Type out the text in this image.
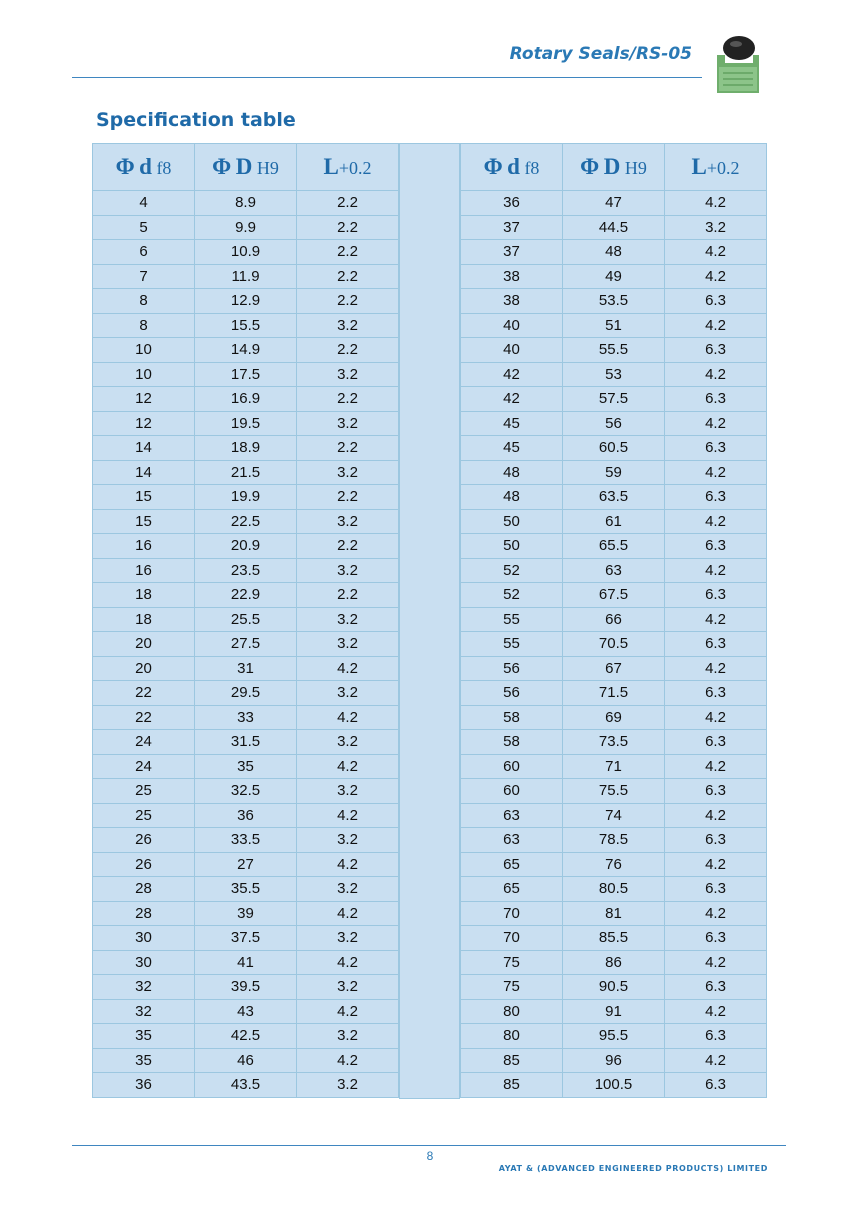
Rotary Seals/RS-05
Specification table
Φ d f8	Φ D H9	L+0.2
4	8.9	2.2
5	9.9	2.2
6	10.9	2.2
7	11.9	2.2
8	12.9	2.2
8	15.5	3.2
10	14.9	2.2
10	17.5	3.2
12	16.9	2.2
12	19.5	3.2
14	18.9	2.2
14	21.5	3.2
15	19.9	2.2
15	22.5	3.2
16	20.9	2.2
16	23.5	3.2
18	22.9	2.2
18	25.5	3.2
20	27.5	3.2
20	31	4.2
22	29.5	3.2
22	33	4.2
24	31.5	3.2
24	35	4.2
25	32.5	3.2
25	36	4.2
26	33.5	3.2
26	27	4.2
28	35.5	3.2
28	39	4.2
30	37.5	3.2
30	41	4.2
32	39.5	3.2
32	43	4.2
35	42.5	3.2
35	46	4.2
36	43.5	3.2
Φ d f8	Φ D H9	L+0.2
36	47	4.2
37	44.5	3.2
37	48	4.2
38	49	4.2
38	53.5	6.3
40	51	4.2
40	55.5	6.3
42	53	4.2
42	57.5	6.3
45	56	4.2
45	60.5	6.3
48	59	4.2
48	63.5	6.3
50	61	4.2
50	65.5	6.3
52	63	4.2
52	67.5	6.3
55	66	4.2
55	70.5	6.3
56	67	4.2
56	71.5	6.3
58	69	4.2
58	73.5	6.3
60	71	4.2
60	75.5	6.3
63	74	4.2
63	78.5	6.3
65	76	4.2
65	80.5	6.3
70	81	4.2
70	85.5	6.3
75	86	4.2
75	90.5	6.3
80	91	4.2
80	95.5	6.3
85	96	4.2
85	100.5	6.3
8
AYAT & (ADVANCED ENGINEERED PRODUCTS) LIMITED
